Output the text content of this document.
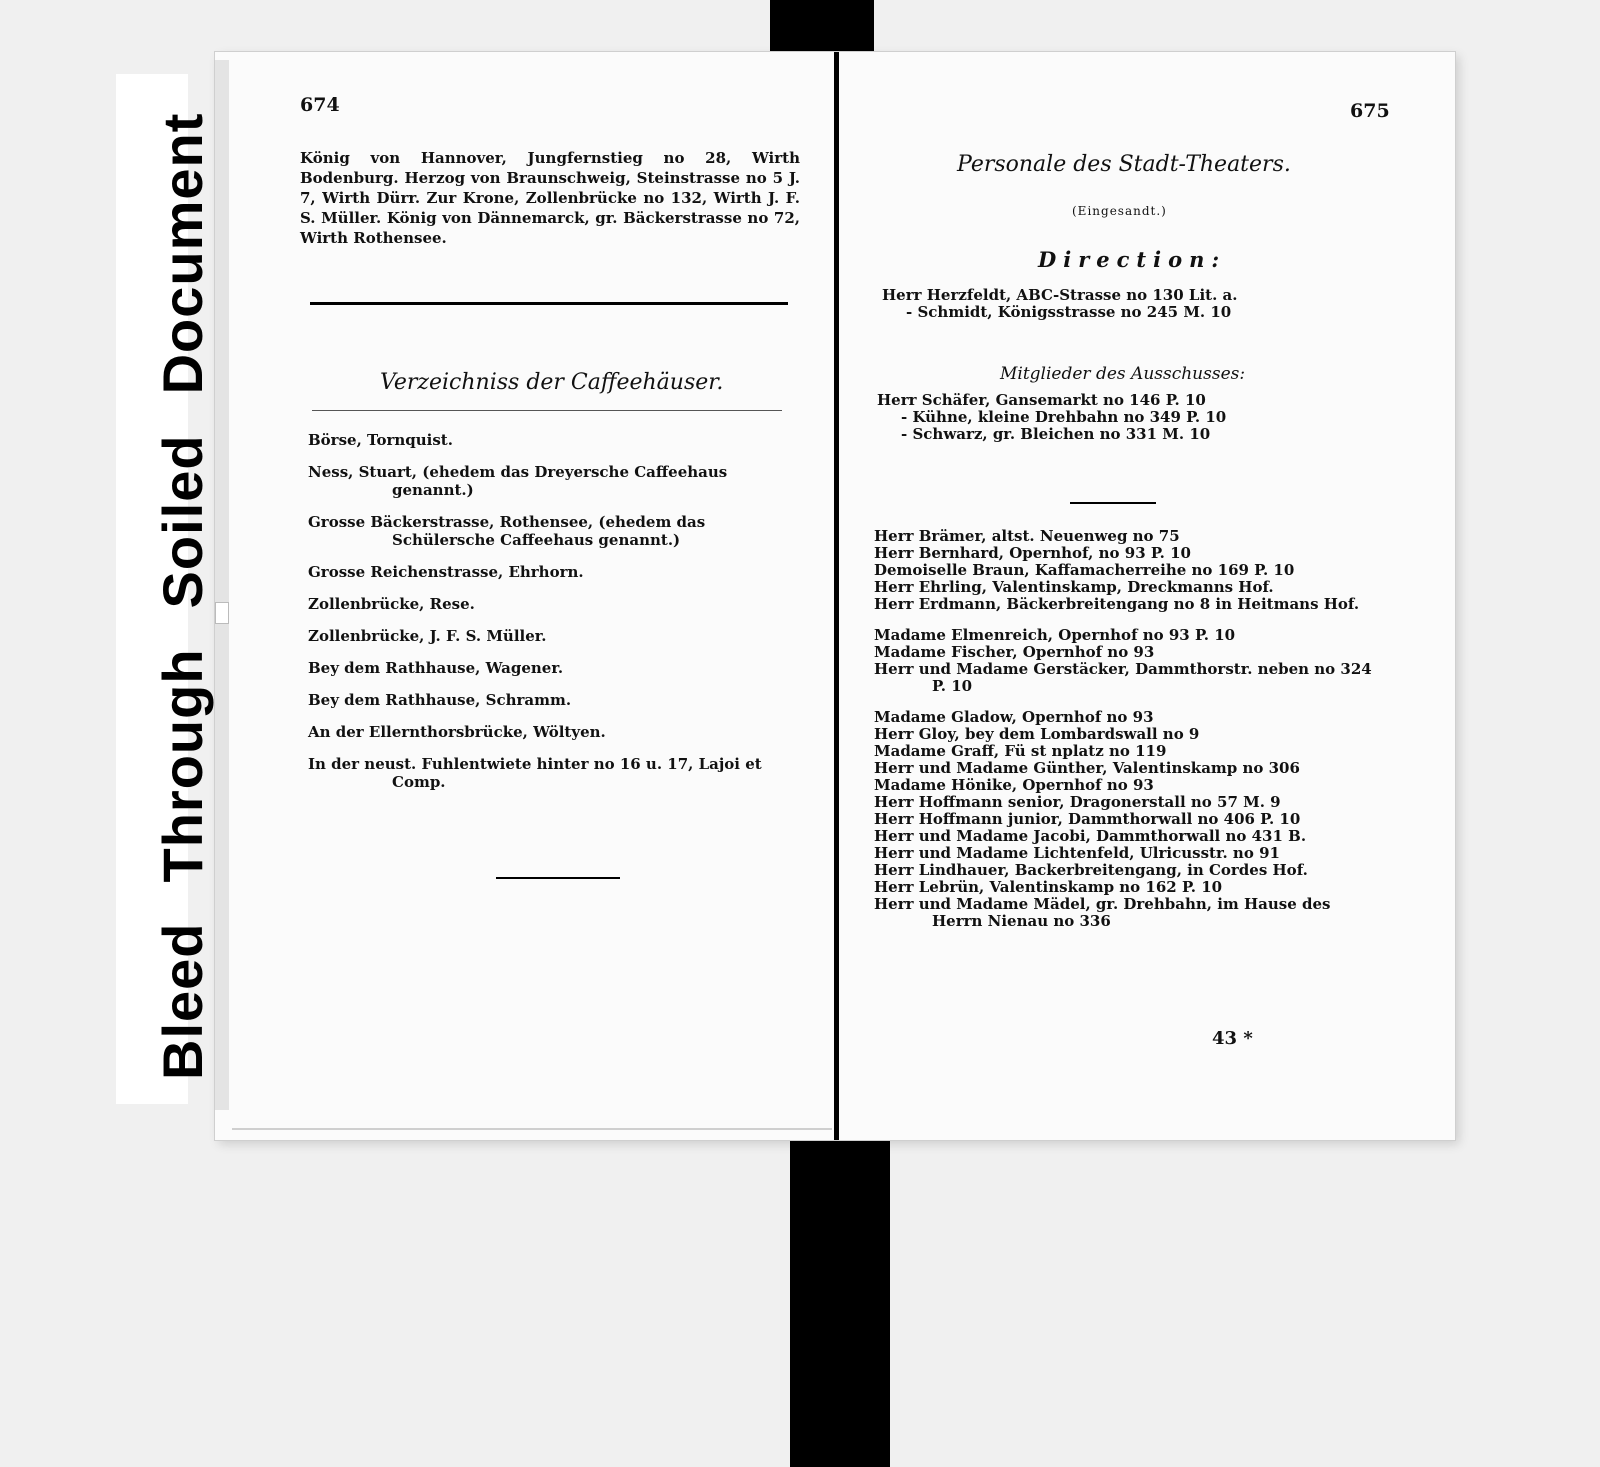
BleedThroughSoiledDocument
674
König von Hannover, Jungfernstieg no 28, Wirth Bodenburg. Herzog von Braunschweig, Steinstrasse no 5 J. 7, Wirth Dürr. Zur Krone, Zollenbrücke no 132, Wirth J. F. S. Müller. König von Dännemarck, gr. Bäckerstrasse no 72, Wirth Rothensee.
Verzeichniss der Caffeehäuser.
Börse, Tornquist.
Ness, Stuart, (ehedem das Dreyersche Caffeehaus genannt.)
Grosse Bäckerstrasse, Rothensee, (ehedem das Schülersche Caffeehaus genannt.)
Grosse Reichenstrasse, Ehrhorn.
Zollenbrücke, Rese.
Zollenbrücke, J. F. S. Müller.
Bey dem Rathhause, Wagener.
Bey dem Rathhause, Schramm.
An der Ellernthorsbrücke, Wöltyen.
In der neust. Fuhlentwiete hinter no 16 u. 17, Lajoi et Comp.
675
Personale des Stadt-Theaters.
(Eingesandt.)
Direction:
Herr Herzfeldt, ABC-Strasse no 130 Lit. a.
- Schmidt, Königsstrasse no 245 M. 10
Mitglieder des Ausschusses:
Herr Schäfer, Gansemarkt no 146 P. 10
- Kühne, kleine Drehbahn no 349 P. 10
- Schwarz, gr. Bleichen no 331 M. 10
Herr Brämer, altst. Neuenweg no 75
Herr Bernhard, Opernhof, no 93 P. 10
Demoiselle Braun, Kaffamacherreihe no 169 P. 10
Herr Ehrling, Valentinskamp, Dreckmanns Hof.
Herr Erdmann, Bäckerbreitengang no 8 in Heitmans Hof.
Madame Elmenreich, Opernhof no 93 P. 10
Madame Fischer, Opernhof no 93
Herr und Madame Gerstäcker, Dammthorstr. neben no 324 P. 10
Madame Gladow, Opernhof no 93
Herr Gloy, bey dem Lombardswall no 9
Madame Graff, Fü st nplatz no 119
Herr und Madame Günther, Valentinskamp no 306
Madame Hönike, Opernhof no 93
Herr Hoffmann senior, Dragonerstall no 57 M. 9
Herr Hoffmann junior, Dammthorwall no 406 P. 10
Herr und Madame Jacobi, Dammthorwall no 431 B.
Herr und Madame Lichtenfeld, Ulricusstr. no 91
Herr Lindhauer, Backerbreitengang, in Cordes Hof.
Herr Lebrün, Valentinskamp no 162 P. 10
Herr und Madame Mädel, gr. Drehbahn, im Hause des Herrn Nienau no 336
43 *
